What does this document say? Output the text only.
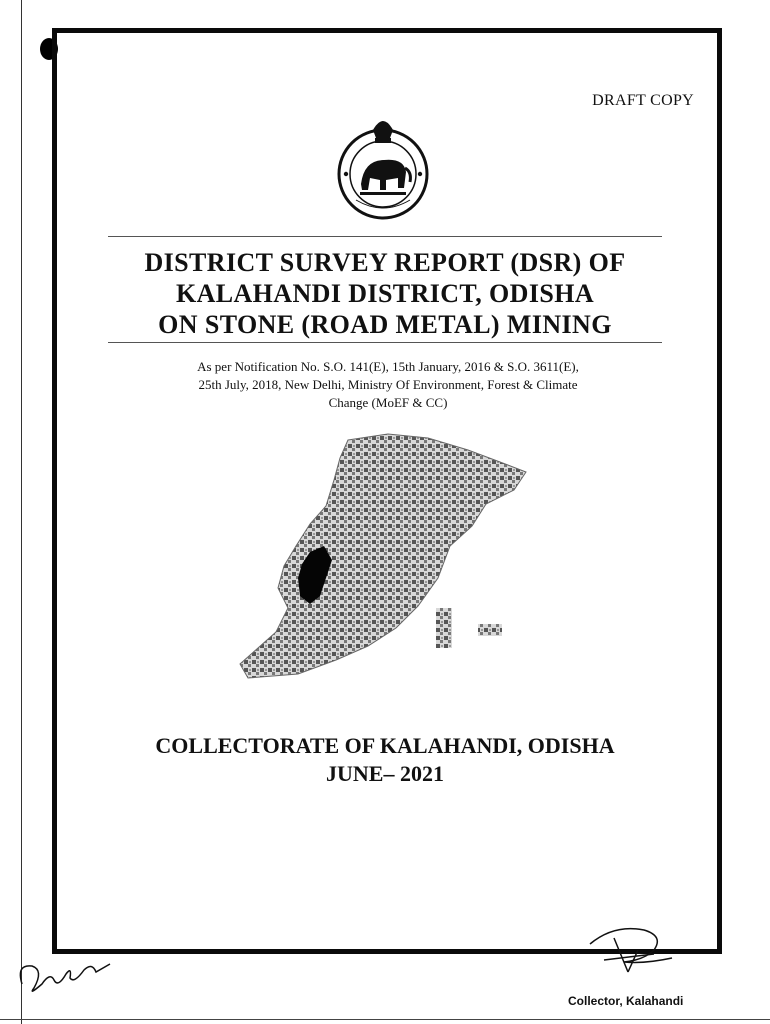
DRAFT COPY
DISTRICT SURVEY REPORT (DSR) OF
KALAHANDI DISTRICT, ODISHA
ON STONE (ROAD METAL) MINING
As per Notification No. S.O. 141(E), 15th January, 2016 & S.O. 3611(E),
25th July, 2018, New Delhi, Ministry Of Environment, Forest & Climate
Change (MoEF & CC)
COLLECTORATE OF KALAHANDI, ODISHA
JUNE– 2021
Collector, Kalahandi
